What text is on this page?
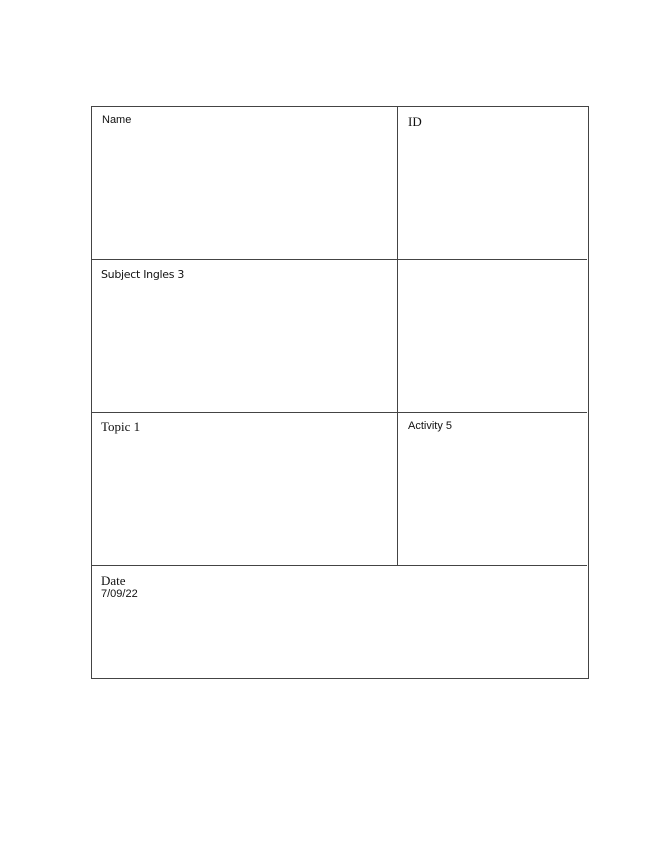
Name	ID
Subject Ingles 3
Topic 1	Activity 5
Date
7/09/22
